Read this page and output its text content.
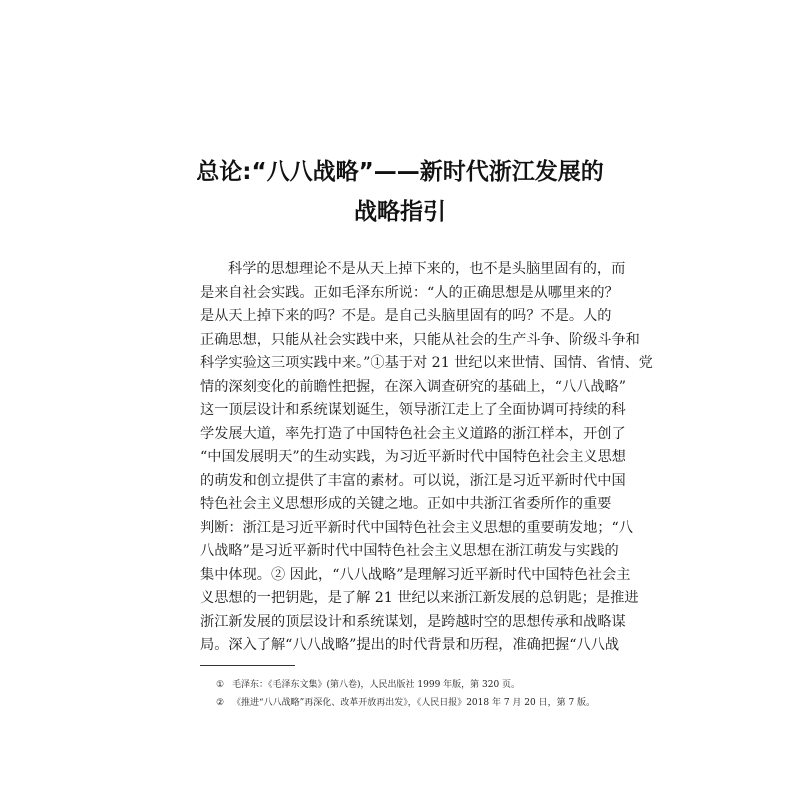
总论:“八八战略”——新时代浙江发展的
战略指引
科学的思想理论不是从天上掉下来的，也不是头脑里固有的，而
是来自社会实践。正如毛泽东所说：“人的正确思想是从哪里来的？
是从天上掉下来的吗？不是。是自己头脑里固有的吗？不是。人的
正确思想，只能从社会实践中来，只能从社会的生产斗争、阶级斗争和
科学实验这三项实践中来。”①基于对 21 世纪以来世情、国情、省情、党
情的深刻变化的前瞻性把握，在深入调查研究的基础上，“八八战略”
这一顶层设计和系统谋划诞生，领导浙江走上了全面协调可持续的科
学发展大道，率先打造了中国特色社会主义道路的浙江样本，开创了
“中国发展明天”的生动实践，为习近平新时代中国特色社会主义思想
的萌发和创立提供了丰富的素材。可以说，浙江是习近平新时代中国
特色社会主义思想形成的关键之地。正如中共浙江省委所作的重要
判断：浙江是习近平新时代中国特色社会主义思想的重要萌发地；“八
八战略”是习近平新时代中国特色社会主义思想在浙江萌发与实践的
集中体现。② 因此，“八八战略”是理解习近平新时代中国特色社会主
义思想的一把钥匙，是了解 21 世纪以来浙江新发展的总钥匙；是推进
浙江新发展的顶层设计和系统谋划，是跨越时空的思想传承和战略谋
局。深入了解“八八战略”提出的时代背景和历程，准确把握“八八战
① 毛泽东：《毛泽东文集》(第八卷)，人民出版社 1999 年版，第 320 页。
② 《推进“八八战略”再深化、改革开放再出发》，《人民日报》2018 年 7 月 20 日，第 7 版。
